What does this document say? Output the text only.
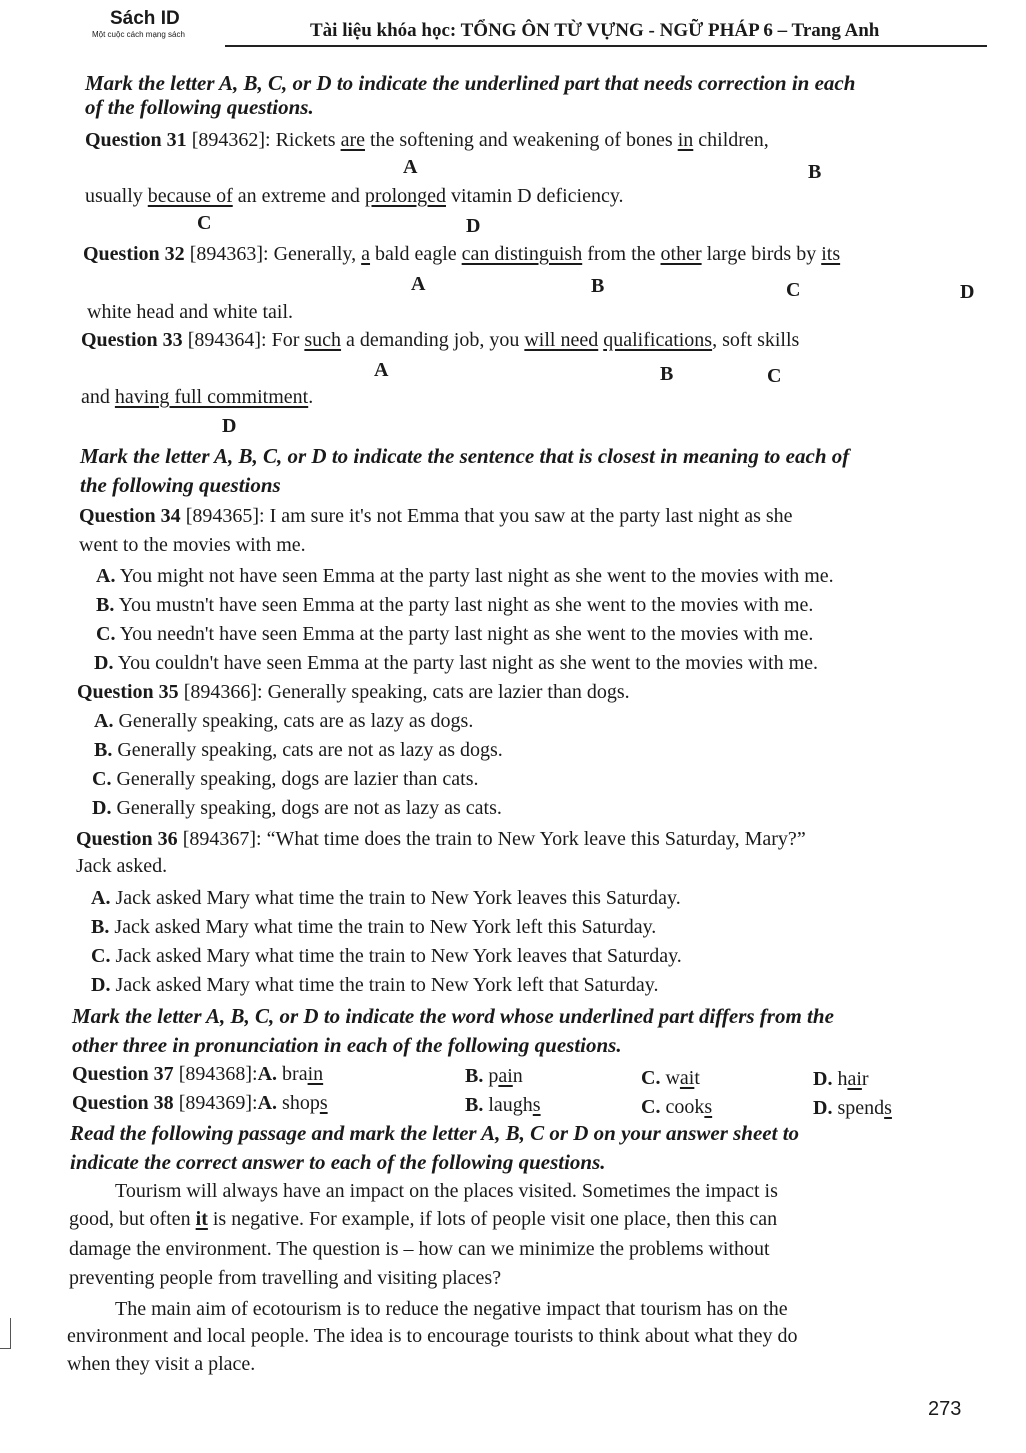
Sách ID
Một cuộc cách mạng sách	Tài liệu khóa học: TỔNG ÔN TỪ VỰNG - NGỮ PHÁP 6 – Trang Anh
Mark the letter A, B, C, or D to indicate the underlined part that needs correction in each
of the following questions.
Question 31 [894362]: Rickets are the softening and weakening of bones in children,
A	B
usually because of an extreme and prolonged vitamin D deficiency.
C	D
Question 32 [894363]: Generally, a bald eagle can distinguish from the other large birds by its
A	B	C	D
white head and white tail.
Question 33 [894364]: For such a demanding job, you will need qualifications, soft skills
A	B	C
and having full commitment.
D
Mark the letter A, B, C, or D to indicate the sentence that is closest in meaning to each of
the following questions
Question 34 [894365]: I am sure it's not Emma that you saw at the party last night as she
went to the movies with me.
A. You might not have seen Emma at the party last night as she went to the movies with me.
B. You mustn't have seen Emma at the party last night as she went to the movies with me.
C. You needn't have seen Emma at the party last night as she went to the movies with me.
D. You couldn't have seen Emma at the party last night as she went to the movies with me.
Question 35 [894366]: Generally speaking, cats are lazier than dogs.
A. Generally speaking, cats are as lazy as dogs.
B. Generally speaking, cats are not as lazy as dogs.
C. Generally speaking, dogs are lazier than cats.
D. Generally speaking, dogs are not as lazy as cats.
Question 36 [894367]: “What time does the train to New York leave this Saturday, Mary?”
Jack asked.
A. Jack asked Mary what time the train to New York leaves this Saturday.
B. Jack asked Mary what time the train to New York left this Saturday.
C. Jack asked Mary what time the train to New York leaves that Saturday.
D. Jack asked Mary what time the train to New York left that Saturday.
Mark the letter A, B, C, or D to indicate the word whose underlined part differs from the
other three in pronunciation in each of the following questions.
Question 37 [894368]:A. brain	B. pain	C. wait	D. hair
Question 38 [894369]:A. shops	B. laughs	C. cooks	D. spends
Read the following passage and mark the letter A, B, C or D on your answer sheet to
indicate the correct answer to each of the following questions.
Tourism will always have an impact on the places visited. Sometimes the impact is
good, but often it is negative. For example, if lots of people visit one place, then this can
damage the environment. The question is – how can we minimize the problems without
preventing people from travelling and visiting places?
The main aim of ecotourism is to reduce the negative impact that tourism has on the
environment and local people. The idea is to encourage tourists to think about what they do
when they visit a place.
273
